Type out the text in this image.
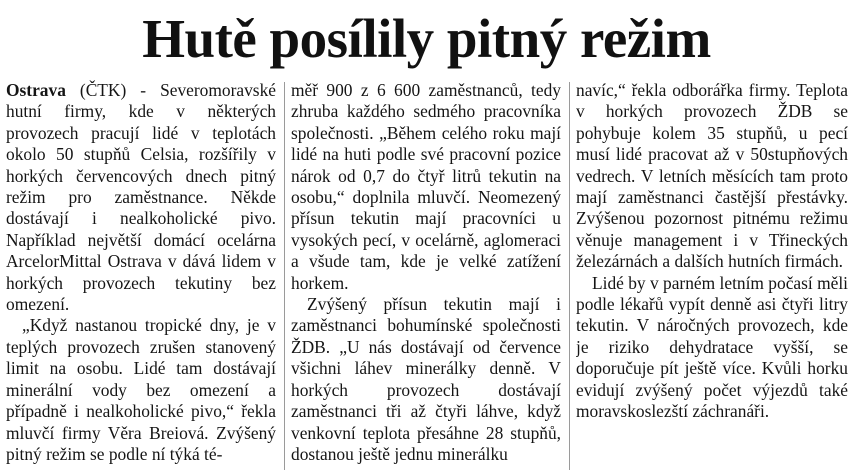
Hutě posílily pitný režim

Ostrava (ČTK) - Severomoravské hutní firmy, kde v některých provozech pracují lidé v teplotách okolo 50 stupňů Celsia, rozšířily v horkých červencových dnech pitný režim pro zaměstnance. Někde dostávají i nealkoholické pivo. Například největší domácí ocelárna ArcelorMittal Ostrava v dává lidem v horkých provozech tekutiny bez omezení.

„Když nastanou tropické dny, je v teplých provozech zrušen stanovený limit na osobu. Lidé tam dostávají minerální vody bez omezení a případně i nealkoholické pivo,“ řekla mluvčí firmy Věra Breiová. Zvýšený pitný režim se podle ní týká té-

měř 900 z 6 600 zaměstnanců, tedy zhruba každého sedmého pracovníka společnosti. „Během celého roku mají lidé na huti podle své pracovní pozice nárok od 0,7 do čtyř litrů tekutin na osobu,“ doplnila mluvčí. Neomezený přísun tekutin mají pracovníci u vysokých pecí, v ocelárně, aglomeraci a všude tam, kde je velké zatížení horkem.

Zvýšený přísun tekutin mají i zaměstnanci bohumínské společnosti ŽDB. „U nás dostávají od července všichni láhev minerálky denně. V horkých provozech dostávají zaměstnanci tři až čtyři láhve, když venkovní teplota přesáhne 28 stupňů, dostanou ještě jednu minerálku

navíc,“ řekla odborářka firmy. Teplota v horkých provozech ŽDB se pohybuje kolem 35 stupňů, u pecí musí lidé pracovat až v 50stupňových vedrech. V letních měsících tam proto mají zaměstnanci častější přestávky. Zvýšenou pozornost pitnému režimu věnuje management i v Třineckých železárnách a dalších hutních firmách.

Lidé by v parném letním počasí měli podle lékařů vypít denně asi čtyři litry tekutin. V náročných provozech, kde je riziko dehydratace vyšší, se doporučuje pít ještě více. Kvůli horku evidují zvýšený počet výjezdů také moravskoslezští záchranáři.
